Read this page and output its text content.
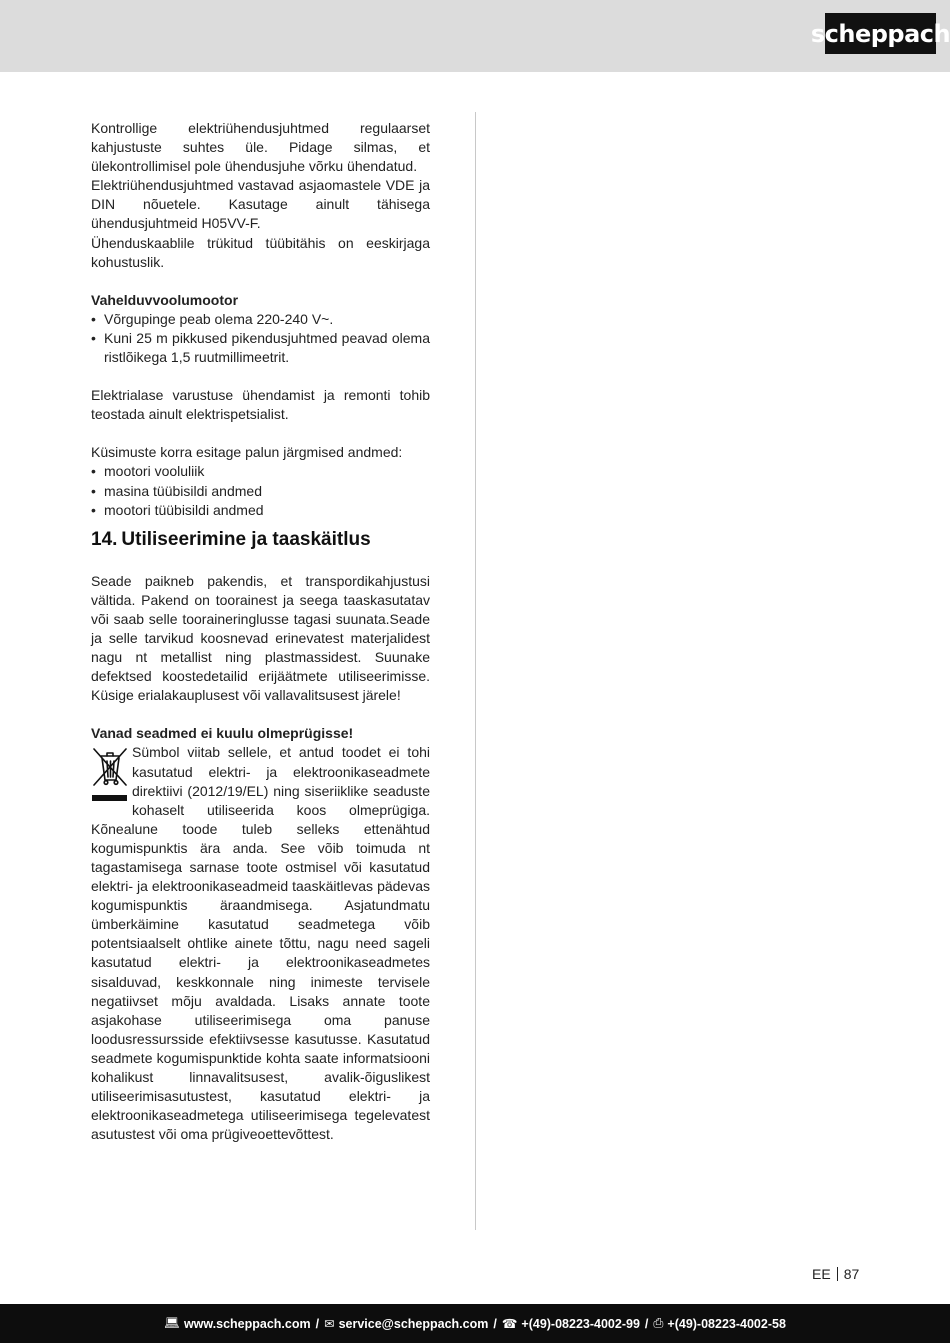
scheppach

Kontrollige elektriühendusjuhtmed regulaarset kahjustuste suhtes üle. Pidage silmas, et ülekontrollimisel pole ühendusjuhe võrku ühendatud.

Elektriühendusjuhtmed vastavad asjaomastele VDE ja DIN nõuetele. Kasutage ainult tähisega ühendusjuhtmeid H05VV-F.

Ühenduskaablile trükitud tüübitähis on eeskirjaga kohustuslik.

Vahelduvvoolumootor

• Võrgupinge peab olema 220-240 V~.
• Kuni 25 m pikkused pikendusjuhtmed peavad olema ristlõikega 1,5 ruutmillimeetrit.

Elektrialase varustuse ühendamist ja remonti tohib teostada ainult elektrispetsialist.

Küsimuste korra esitage palun järgmised andmed:

• mootori vooluliik
• masina tüübisildi andmed
• mootori tüübisildi andmed
14. Utiliseerimine ja taaskäitlus

Seade paikneb pakendis, et transpordikahjustusi vältida. Pakend on toorainest ja seega taaskasutatav või saab selle tooraineringlusse tagasi suunata.Seade ja selle tarvikud koosnevad erinevatest materjalidest nagu nt metallist ning plastmassidest. Suunake defektsed koostedetailid erijäätmete utiliseerimisse. Küsige erialakauplusest või vallavalitsusest järele!

Vanad seadmed ei kuulu olmeprügisse!

Sümbol viitab sellele, et antud toodet ei tohi kasutatud elektri- ja elektroonikaseadmete direktiivi (2012/19/EL) ning siseriiklike seaduste kohaselt utiliseerida koos olmeprügiga. Kõnealune toode tuleb selleks ettenähtud kogumispunktis ära anda. See võib toimuda nt tagastamisega sarnase toote ostmisel või kasutatud elektri- ja elektroonikaseadmeid taaskäitlevas pädevas kogumispunktis äraandmisega. Asjatundmatu ümberkäimine kasutatud seadmetega võib potentsiaalselt ohtlike ainete tõttu, nagu need sageli kasutatud elektri- ja elektroonikaseadmetes sisalduvad, keskkonnale ning inimeste tervisele negatiivset mõju avaldada. Lisaks annate toote asjakohase utiliseerimisega oma panuse loodusressursside efektiivsesse kasutusse. Kasutatud seadmete kogumispunktide kohta saate informatsiooni kohalikust linnavalitsusest, avalik-õiguslikest utiliseerimisasutustest, kasutatud elektri- ja elektroonikaseadmetega utiliseerimisega tegelevatest asutustest või oma prügiveoettevõttest.

EE 87
💻︎ www.scheppach.com / ✉︎ service@scheppach.com / ☎︎ +(49)-08223-4002-99 / ⎙ +(49)-08223-4002-58
